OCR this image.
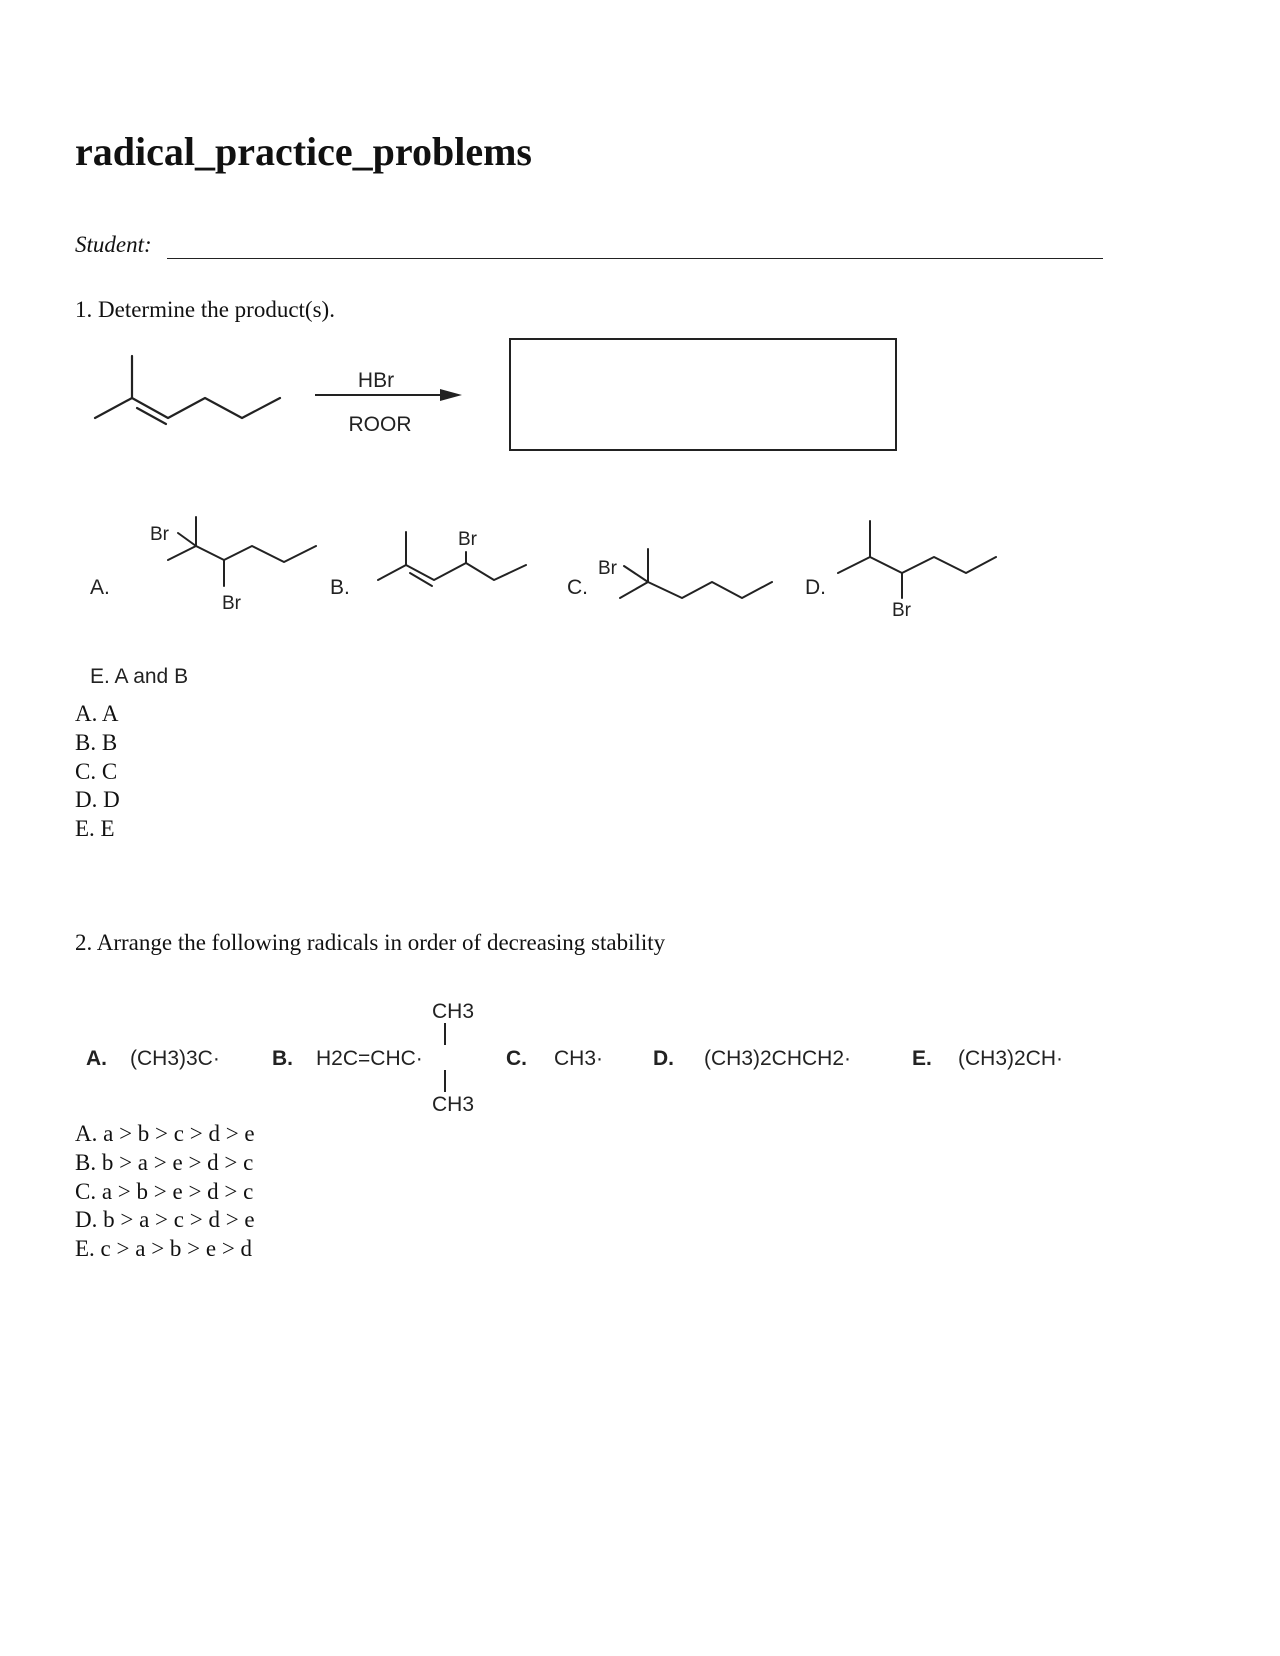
radical_practice_problems
Student:
1. Determine the product(s).
HBr
ROOR
A.
Br
Br
B.
Br
C.
Br
D.
Br
E. A and B
A. A
B. B
C. C
D. D
E. E
2. Arrange the following radicals in order of decreasing stability
A. (CH3)3C· B. H2C=CHC·
CH3
CH3
C. CH3· D. (CH3)2CHCH2·	E. (CH3)2CH·
A. a > b > c > d > e
B. b > a > e > d > c
C. a > b > e > d > c
D. b > a > c > d > e
E. c > a > b > e > d
